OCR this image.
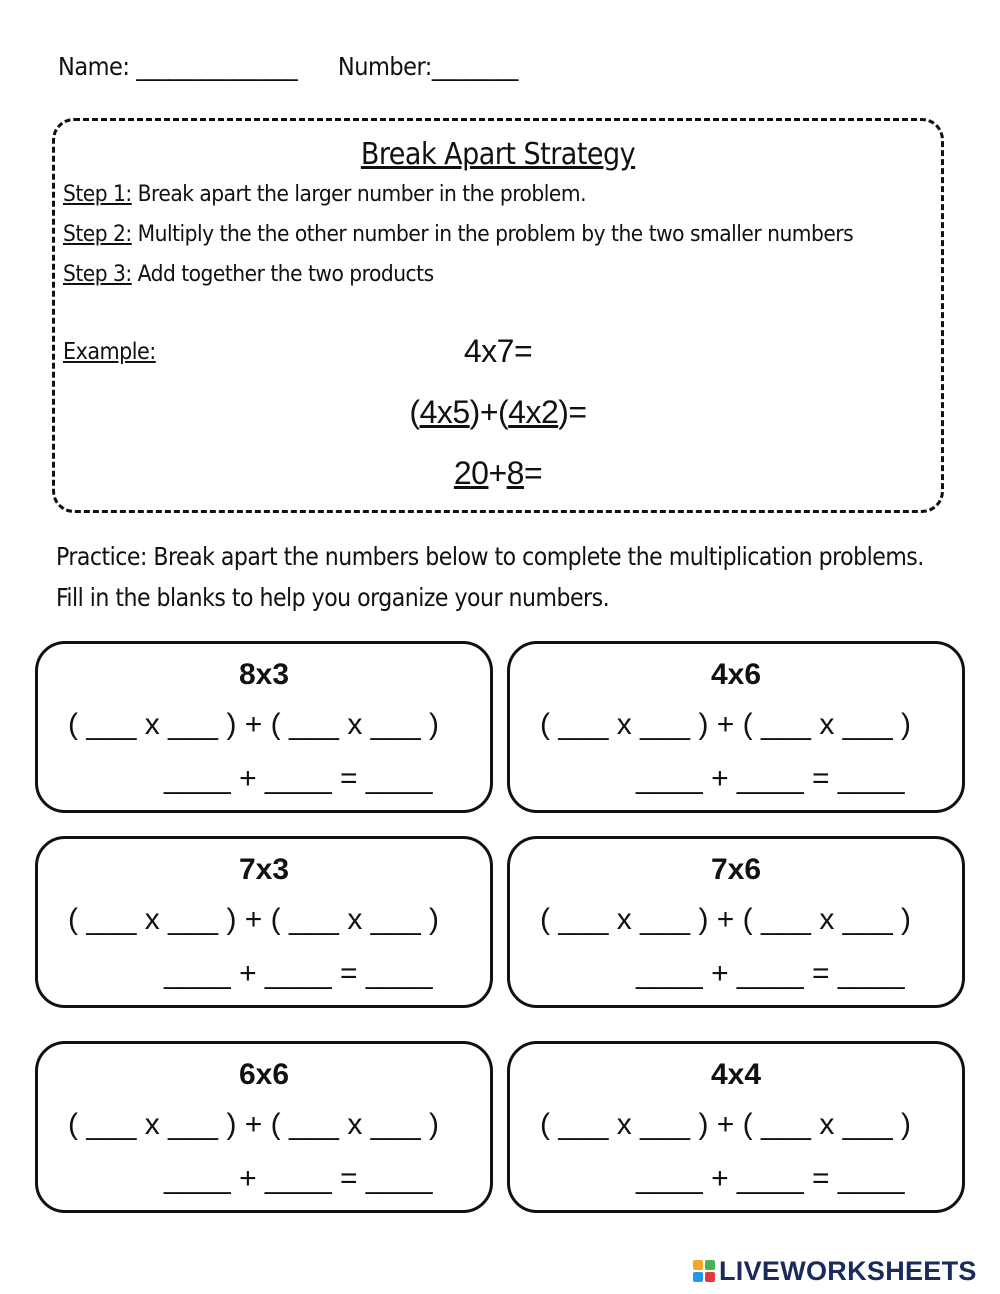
Name: _______________ Number:________
Break Apart Strategy
Step 1: Break apart the larger number in the problem.
Step 2: Multiply the the other number in the problem by the two smaller numbers
Step 3: Add together the two products
Example:	4x7=
(4x5)+(4x2)=
20+8=
Practice: Break apart the numbers below to complete the multiplication problems. Fill in the blanks to help you organize your numbers.
8x3
( ___ x ___ ) + ( ___ x ___ )
____ + ____ = ____
4x6
( ___ x ___ ) + ( ___ x ___ )
____ + ____ = ____
7x3
( ___ x ___ ) + ( ___ x ___ )
____ + ____ = ____
7x6
( ___ x ___ ) + ( ___ x ___ )
____ + ____ = ____
6x6
( ___ x ___ ) + ( ___ x ___ )
____ + ____ = ____
4x4
( ___ x ___ ) + ( ___ x ___ )
____ + ____ = ____
LIVEWORKSHEETS
